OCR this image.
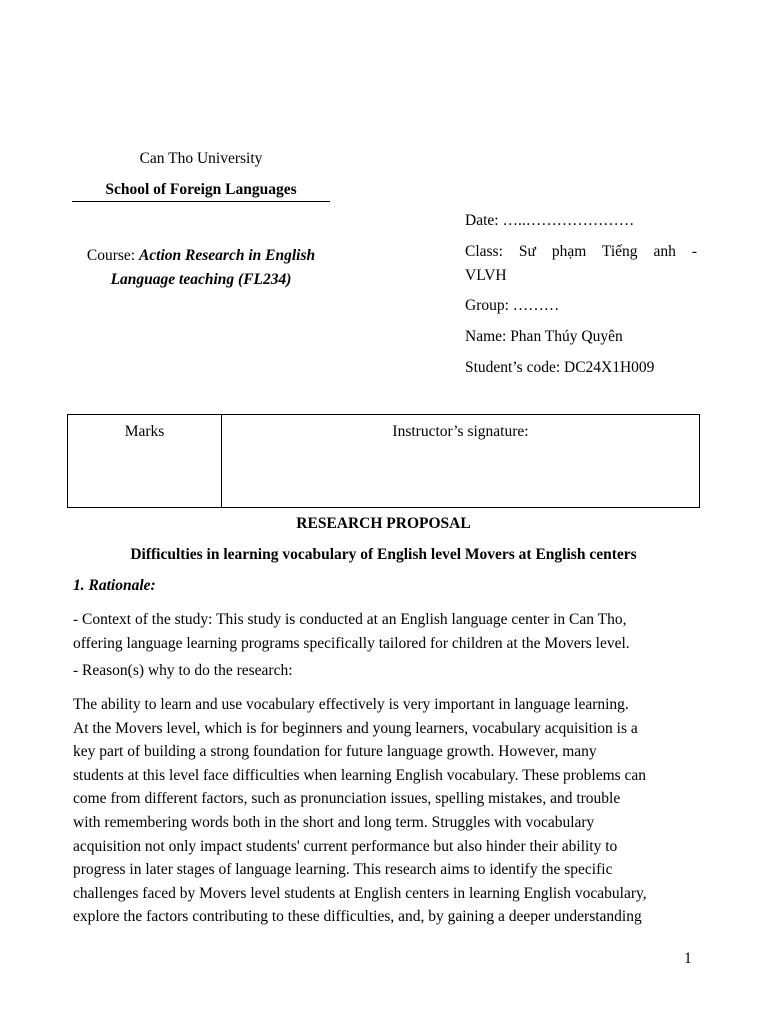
Can Tho University
School of Foreign Languages
Course: Action Research in English
Language teaching (FL234)
Date: …..…………………
Class: Sư phạm Tiếng anh -
VLVH
Group: ………
Name: Phan Thúy Quyên
Student’s code: DC24X1H009
Marks	Instructor’s signature:
RESEARCH PROPOSAL
Difficulties in learning vocabulary of English level Movers at English centers
1. Rationale:

- Context of the study: This study is conducted at an English language center in Can Tho,

offering language learning programs specifically tailored for children at the Movers level.

- Reason(s) why to do the research:

The ability to learn and use vocabulary effectively is very important in language learning.

At the Movers level, which is for beginners and young learners, vocabulary acquisition is a

key part of building a strong foundation for future language growth. However, many

students at this level face difficulties when learning English vocabulary. These problems can

come from different factors, such as pronunciation issues, spelling mistakes, and trouble

with remembering words both in the short and long term. Struggles with vocabulary

acquisition not only impact students' current performance but also hinder their ability to

progress in later stages of language learning. This research aims to identify the specific

challenges faced by Movers level students at English centers in learning English vocabulary,

explore the factors contributing to these difficulties, and, by gaining a deeper understanding

1
